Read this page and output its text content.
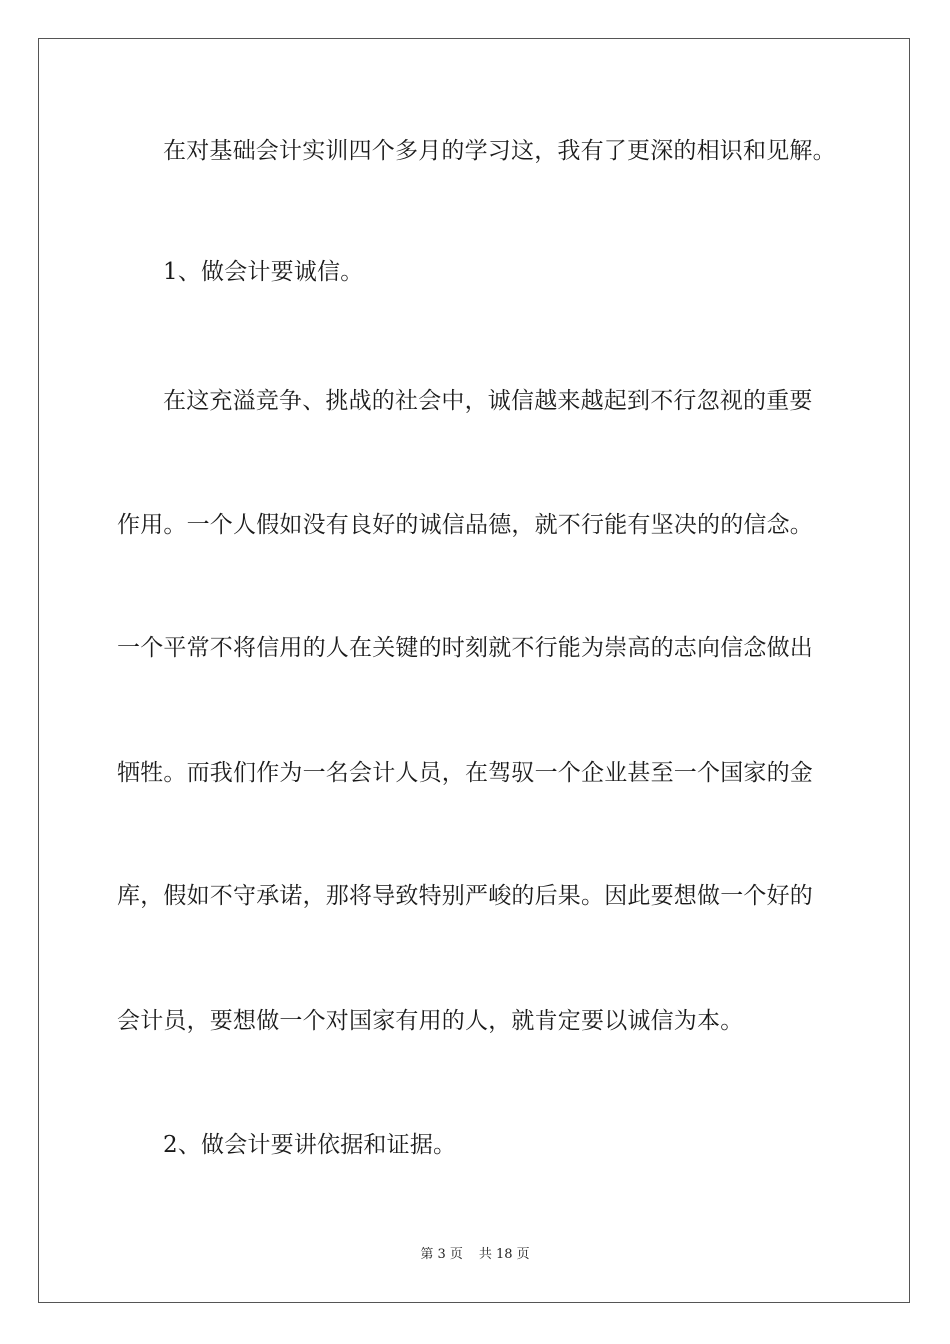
在对基础会计实训四个多月的学习这，我有了更深的相识和见解。

1、做会计要诚信。

在这充溢竞争、挑战的社会中，诚信越来越起到不行忽视的重要

作用。一个人假如没有良好的诚信品德，就不行能有坚决的的信念。

一个平常不将信用的人在关键的时刻就不行能为崇高的志向信念做出

牺牲。而我们作为一名会计人员，在驾驭一个企业甚至一个国家的金

库，假如不守承诺，那将导致特别严峻的后果。因此要想做一个好的

会计员，要想做一个对国家有用的人，就肯定要以诚信为本。

2、做会计要讲依据和证据。

第 3 页 共 18 页
